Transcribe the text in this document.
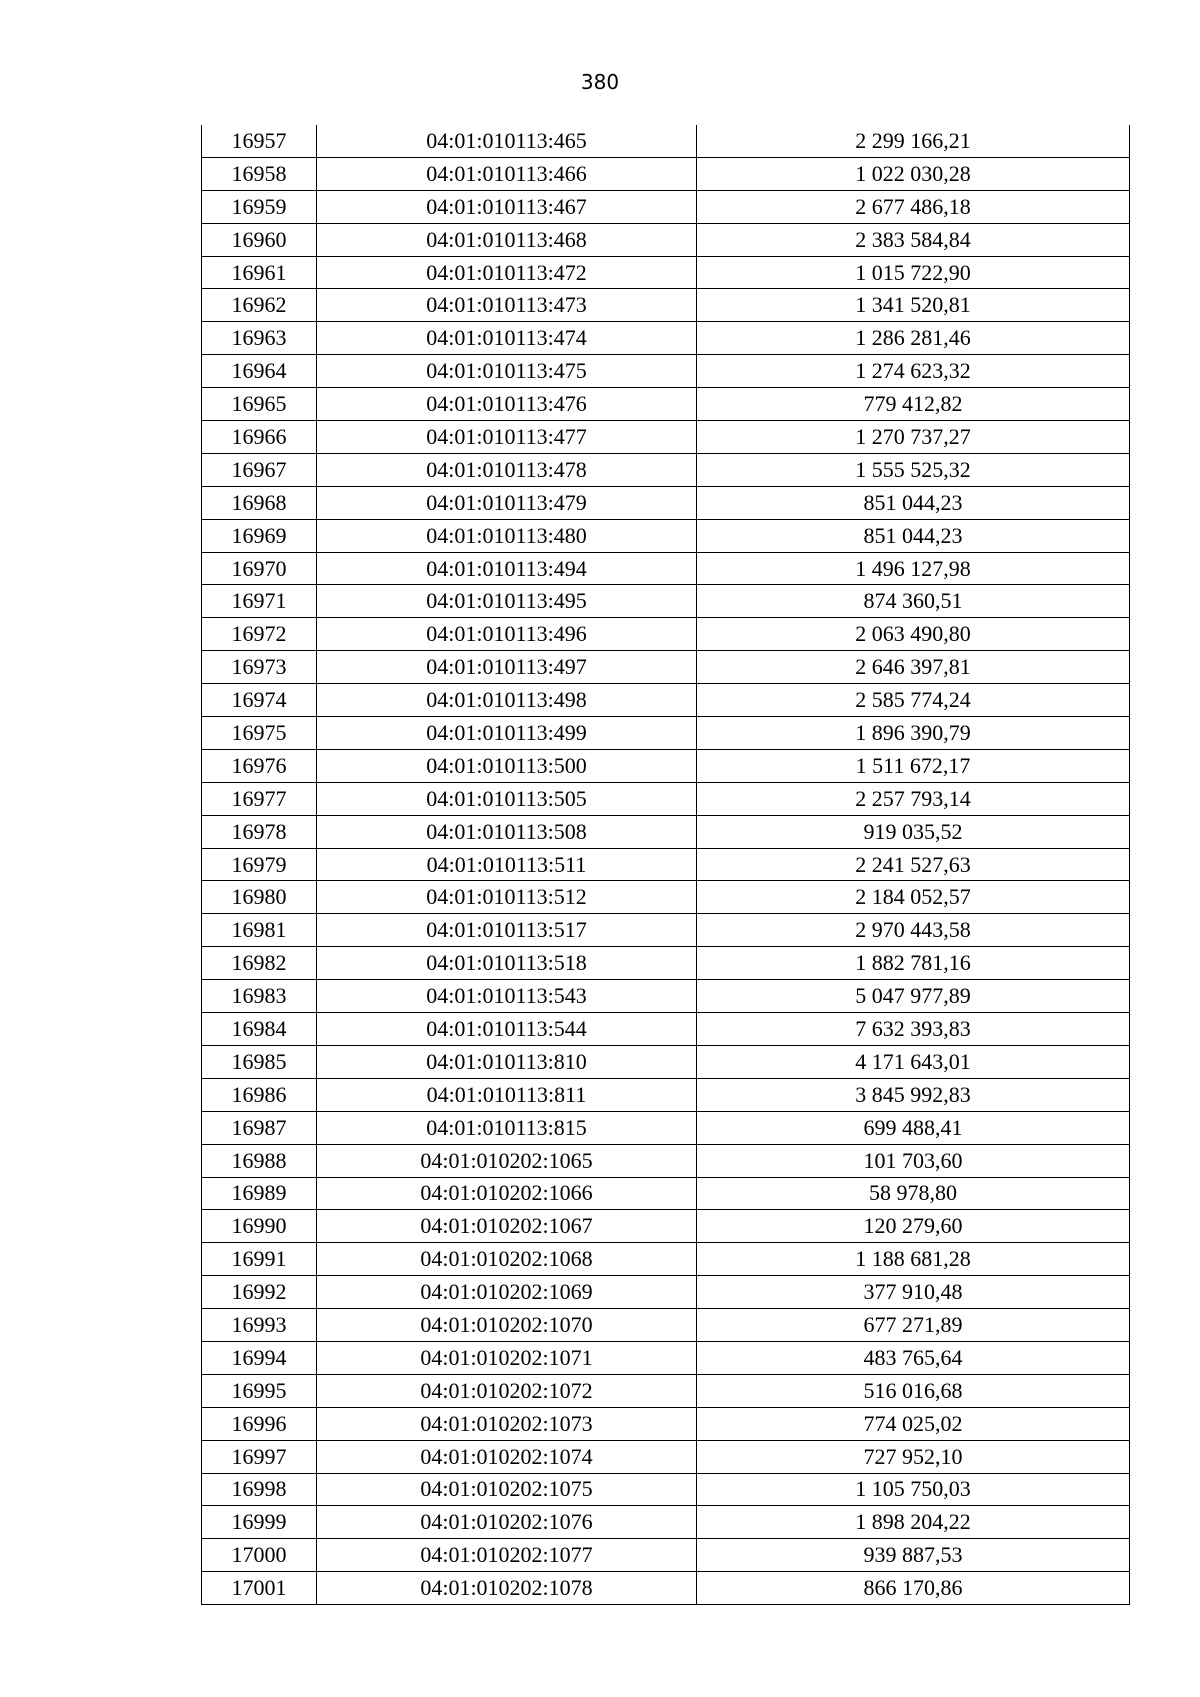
380
16957	04:01:010113:465	2 299 166,21
16958	04:01:010113:466	1 022 030,28
16959	04:01:010113:467	2 677 486,18
16960	04:01:010113:468	2 383 584,84
16961	04:01:010113:472	1 015 722,90
16962	04:01:010113:473	1 341 520,81
16963	04:01:010113:474	1 286 281,46
16964	04:01:010113:475	1 274 623,32
16965	04:01:010113:476	779 412,82
16966	04:01:010113:477	1 270 737,27
16967	04:01:010113:478	1 555 525,32
16968	04:01:010113:479	851 044,23
16969	04:01:010113:480	851 044,23
16970	04:01:010113:494	1 496 127,98
16971	04:01:010113:495	874 360,51
16972	04:01:010113:496	2 063 490,80
16973	04:01:010113:497	2 646 397,81
16974	04:01:010113:498	2 585 774,24
16975	04:01:010113:499	1 896 390,79
16976	04:01:010113:500	1 511 672,17
16977	04:01:010113:505	2 257 793,14
16978	04:01:010113:508	919 035,52
16979	04:01:010113:511	2 241 527,63
16980	04:01:010113:512	2 184 052,57
16981	04:01:010113:517	2 970 443,58
16982	04:01:010113:518	1 882 781,16
16983	04:01:010113:543	5 047 977,89
16984	04:01:010113:544	7 632 393,83
16985	04:01:010113:810	4 171 643,01
16986	04:01:010113:811	3 845 992,83
16987	04:01:010113:815	699 488,41
16988	04:01:010202:1065	101 703,60
16989	04:01:010202:1066	58 978,80
16990	04:01:010202:1067	120 279,60
16991	04:01:010202:1068	1 188 681,28
16992	04:01:010202:1069	377 910,48
16993	04:01:010202:1070	677 271,89
16994	04:01:010202:1071	483 765,64
16995	04:01:010202:1072	516 016,68
16996	04:01:010202:1073	774 025,02
16997	04:01:010202:1074	727 952,10
16998	04:01:010202:1075	1 105 750,03
16999	04:01:010202:1076	1 898 204,22
17000	04:01:010202:1077	939 887,53
17001	04:01:010202:1078	866 170,86
